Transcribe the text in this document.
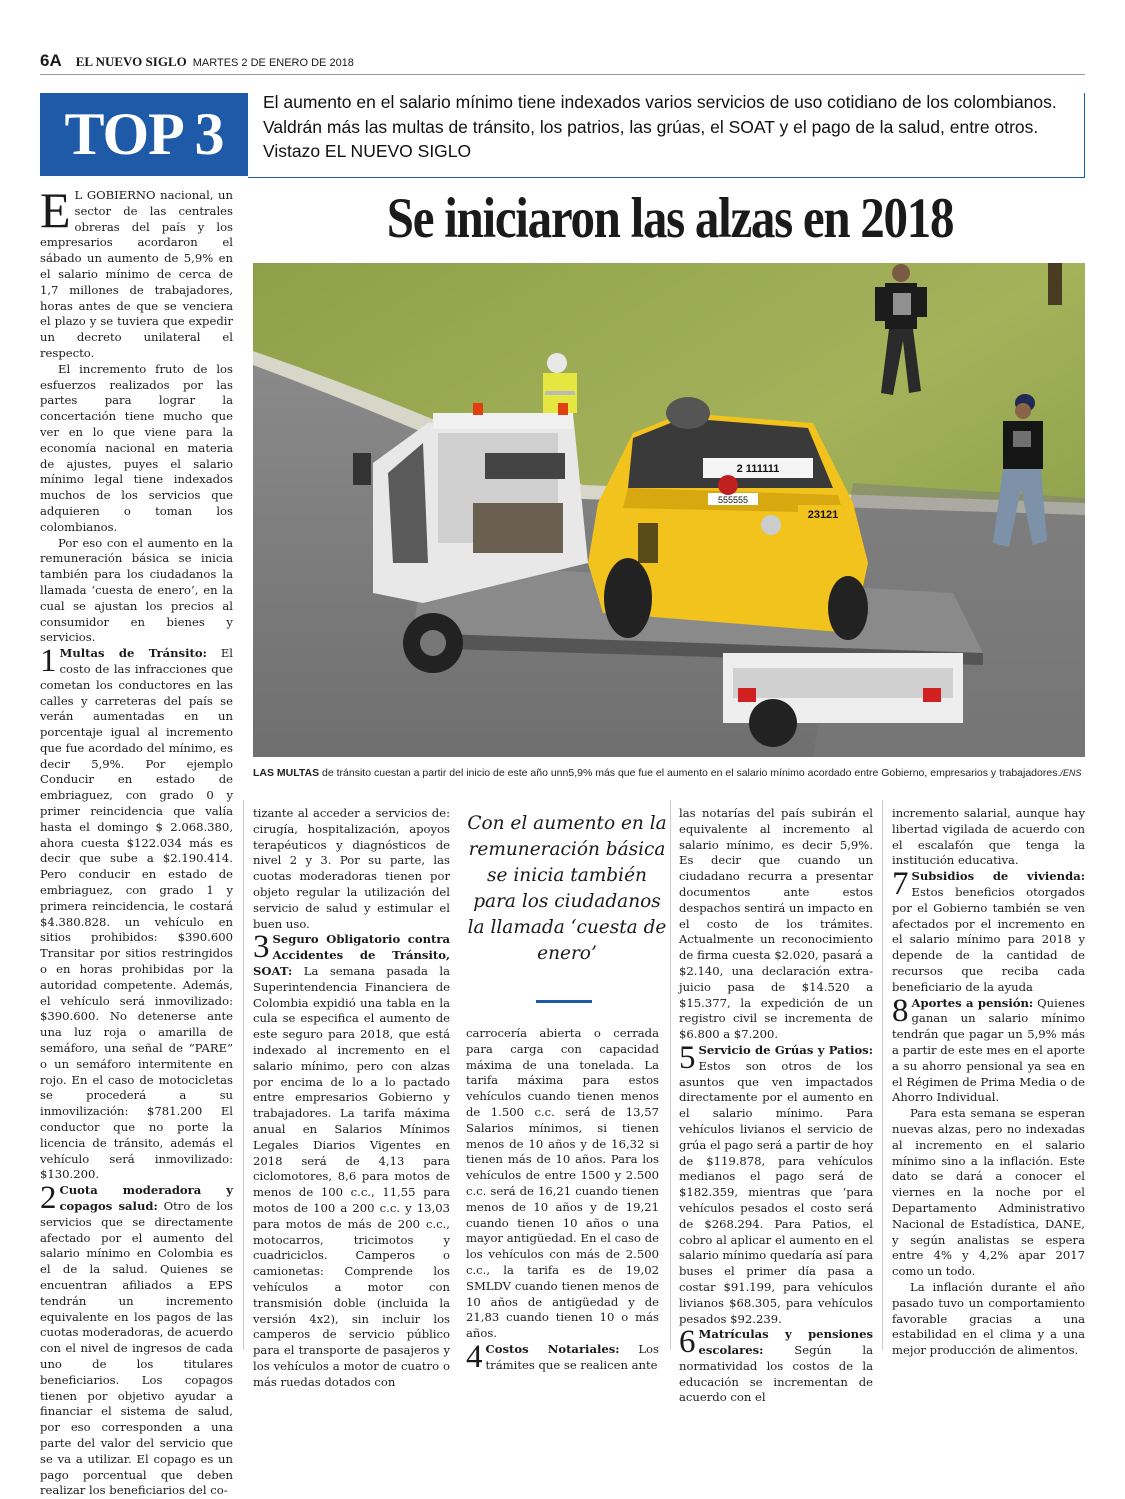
6A EL NUEVO SIGLO MARTES 2 DE ENERO DE 2018
TOP 3	El aumento en el salario mínimo tiene indexados varios servicios de uso cotidiano de los colombianos. Valdrán más las multas de tránsito, los patrios, las grúas, el SOAT y el pago de la salud, entre otros. Vistazo EL NUEVO SIGLO
Se iniciaron las alzas en 2018
2 111111
555555
23121
LAS MULTAS de tránsito cuestan a partir del inicio de este año unn5,9% más que fue el aumento en el salario mínimo acordado entre Gobierno, empresarios y trabajadores./ENS

E L GOBIERNO nacional, un sector de las centrales obreras del país y los empresarios acordaron el sábado un aumento de 5,9% en el salario mínimo de cerca de 1,7 millones de trabajadores, horas antes de que se venciera el plazo y se tuviera que expedir un decreto unilateral el respecto.

El incremento fruto de los esfuerzos realizados por las partes para lograr la concertación tiene mucho que ver en lo que viene para la economía nacional en materia de ajustes, puyes el salario mínimo legal tiene indexados muchos de los servicios que adquieren o toman los colombianos.

Por eso con el aumento en la remuneración básica se inicia también para los ciudadanos la llamada ‘cuesta de enero’, en la cual se ajustan los precios al consumidor en bienes y servicios.

1 Multas de Tránsito: El costo de las infracciones que cometan los conductores en las calles y carreteras del país se verán aumentadas en un porcentaje igual al incremento que fue acordado del mínimo, es decir 5,9%. Por ejemplo Conducir en estado de embriaguez, con grado 0 y primer reincidencia que valía hasta el domingo $ 2.068.380, ahora cuesta $122.034 más es decir que sube a $2.190.414. Pero conducir en estado de embriaguez, con grado 1 y primera reincidencia, le costará $4.380.828. un vehículo en sitios prohibidos: $390.600 Transitar por sitios restringidos o en horas prohibidas por la autoridad competente. Además, el vehículo será inmovilizado: $390.600. No detenerse ante una luz roja o amarilla de semáforo, una señal de “PARE” o un semáforo intermitente en rojo. En el caso de motocicletas se procederá a su inmovilización: $781.200 El conductor que no porte la licencia de tránsito, además el vehículo será inmovilizado: $130.200.

2 Cuota moderadora y copagos salud: Otro de los servicios que se directamente afectado por el aumento del salario mínimo en Colombia es el de la salud. Quienes se encuentran afiliados a EPS tendrán un incremento equivalente en los pagos de las cuotas moderadoras, de acuerdo con el nivel de ingresos de cada uno de los titulares beneficiarios. Los copagos tienen por objetivo ayudar a financiar el sistema de salud, por eso corresponden a una parte del valor del servicio que se va a utilizar. El copago es un pago porcentual que deben realizar los beneficiarios del co-

tizante al acceder a servicios de: cirugía, hospitalización, apoyos terapéuticos y diagnósticos de nivel 2 y 3. Por su parte, las cuotas moderadoras tienen por objeto regular la utilización del servicio de salud y estimular el buen uso.

3 Seguro Obligatorio contra Accidentes de Tránsito, SOAT: La semana pasada la Superintendencia Financiera de Colombia expidió una tabla en la cula se especifica el aumento de este seguro para 2018, que está indexado al incremento en el salario mínimo, pero con alzas por encima de lo a lo pactado entre empresarios Gobierno y trabajadores. La tarifa máxima anual en Salarios Mínimos Legales Diarios Vigentes en 2018 será de 4,13 para ciclomotores, 8,6 para motos de menos de 100 c.c., 11,55 para motos de 100 a 200 c.c. y 13,03 para motos de más de 200 c.c., motocarros, tricimotos y cuadriciclos. Camperos o camionetas: Comprende los vehículos a motor con transmisión doble (incluida la versión 4x2), sin incluir los camperos de servicio público para el transporte de pasajeros y los vehículos a motor de cuatro o más ruedas dotados con

Con el aumento en la remuneración básica se inicia también para los ciudadanos la llamada ‘cuesta de enero’

carrocería abierta o cerrada para carga con capacidad máxima de una tonelada. La tarifa máxima para estos vehículos cuando tienen menos de 1.500 c.c. será de 13,57 Salarios mínimos, si tienen menos de 10 años y de 16,32 si tienen más de 10 años. Para los vehículos de entre 1500 y 2.500 c.c. será de 16,21 cuando tienen menos de 10 años y de 19,21 cuando tienen 10 años o una mayor antigüedad. En el caso de los vehículos con más de 2.500 c.c., la tarifa es de 19,02 SMLDV cuando tienen menos de 10 años de antigüedad y de 21,83 cuando tienen 10 o más años.

4 Costos Notariales: Los trámites que se realicen ante

las notarías del país subirán el equivalente al incremento al salario mínimo, es decir 5,9%. Es decir que cuando un ciudadano recurra a presentar documentos ante estos despachos sentirá un impacto en el costo de los trámites. Actualmente un reconocimiento de firma cuesta $2.020, pasará a $2.140, una declaración extra-juicio pasa de $14.520 a $15.377, la expedición de un registro civil se incrementa de $6.800 a $7.200.

5 Servicio de Grúas y Patios: Estos son otros de los asuntos que ven impactados directamente por el aumento en el salario mínimo. Para vehículos livianos el servicio de grúa el pago será a partir de hoy de $119.878, para vehículos medianos el pago será de $182.359, mientras que ‘para vehículos pesados el costo será de $268.294. Para Patios, el cobro al aplicar el aumento en el salario mínimo quedaría así para buses el primer día pasa a costar $91.199, para vehículos livianos $68.305, para vehículos pesados $92.239.

6 Matrículas y pensiones escolares: Según la normatividad los costos de la educación se incrementan de acuerdo con el

incremento salarial, aunque hay libertad vigilada de acuerdo con el escalafón que tenga la institución educativa.

7 Subsidios de vivienda: Estos beneficios otorgados por el Gobierno también se ven afectados por el incremento en el salario mínimo para 2018 y depende de la cantidad de recursos que reciba cada beneficiario de la ayuda

8 Aportes a pensión: Quienes ganan un salario mínimo tendrán que pagar un 5,9% más a partir de este mes en el aporte a su ahorro pensional ya sea en el Régimen de Prima Media o de Ahorro Individual.

Para esta semana se esperan nuevas alzas, pero no indexadas al incremento en el salario mínimo sino a la inflación. Este dato se dará a conocer el viernes en la noche por el Departamento Administrativo Nacional de Estadística, DANE, y según analistas se espera entre 4% y 4,2% apar 2017 como un todo.

La inflación durante el año pasado tuvo un comportamiento favorable gracias a una estabilidad en el clima y a una mejor producción de alimentos.
